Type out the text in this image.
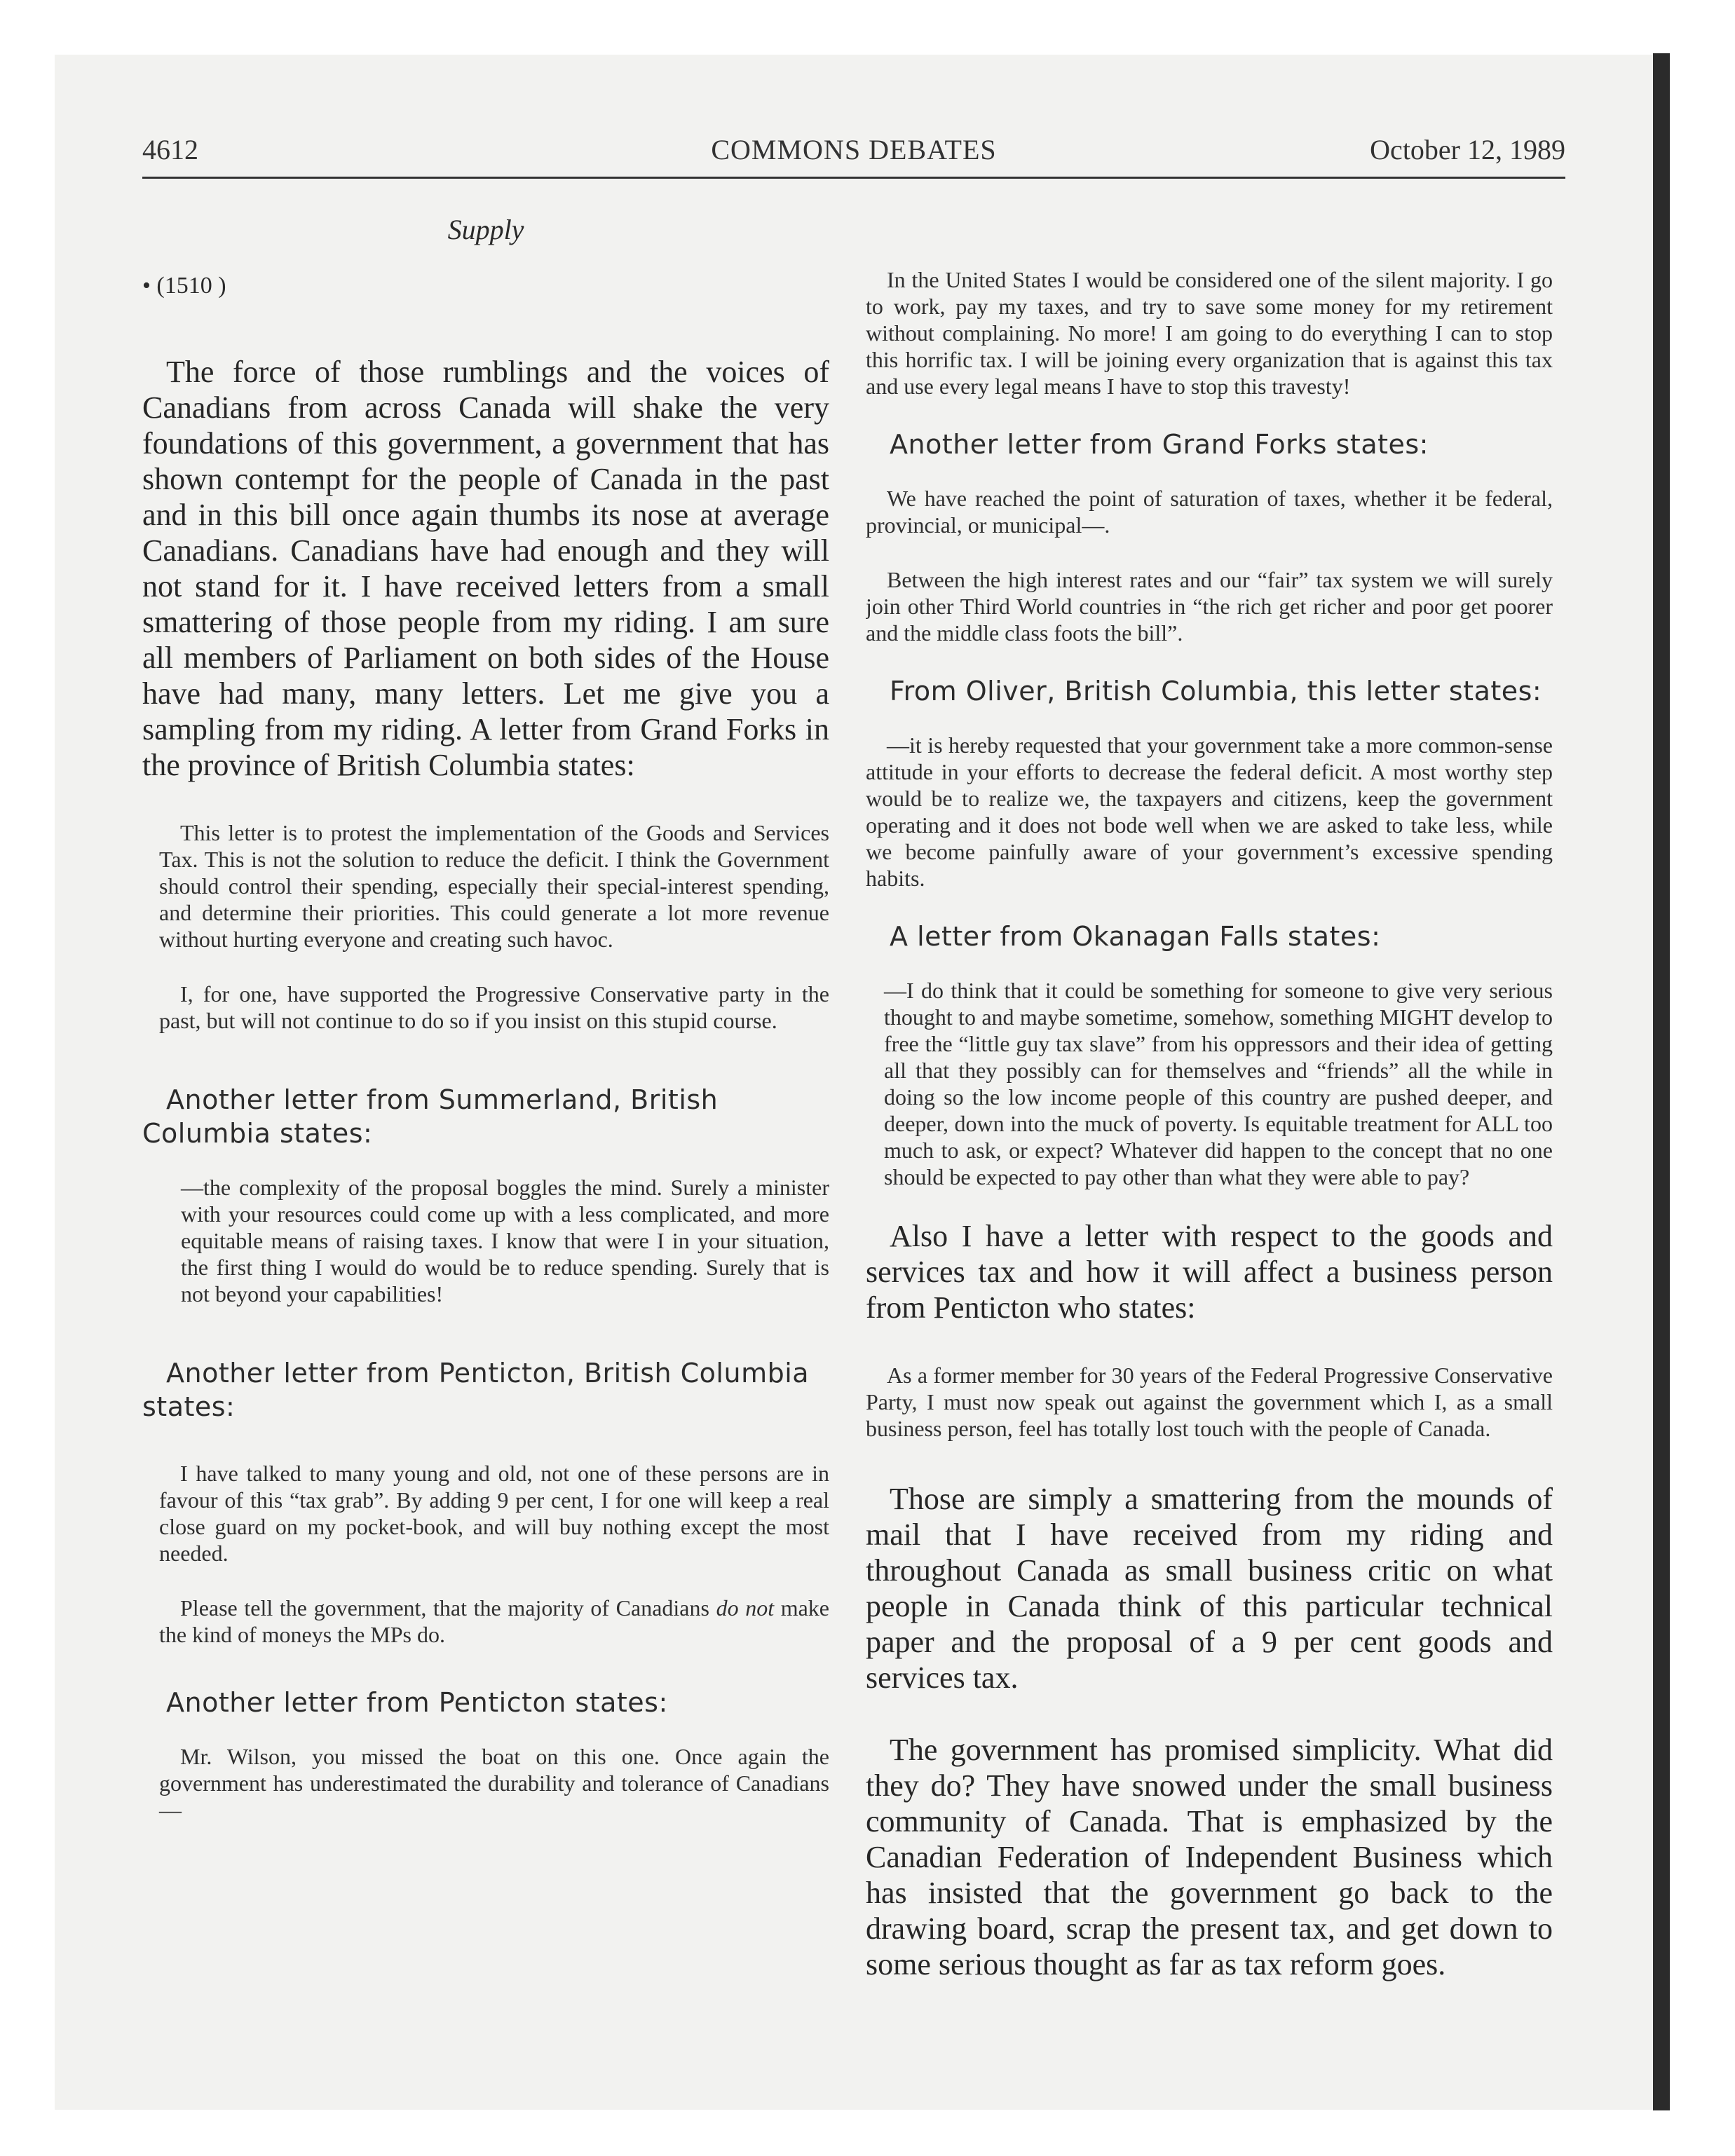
COMMONS DEBATES
4612	October 12, 1989
Supply
• (1510 )

The force of those rumblings and the voices of Canadians from across Canada will shake the very foundations of this government, a government that has shown contempt for the people of Canada in the past and in this bill once again thumbs its nose at average Canadians. Canadians have had enough and they will not stand for it. I have received letters from a small smattering of those people from my riding. I am sure all members of Parliament on both sides of the House have had many, many letters. Let me give you a sampling from my riding. A letter from Grand Forks in the province of British Columbia states:

This letter is to protest the implementation of the Goods and Services Tax. This is not the solution to reduce the deficit. I think the Government should control their spending, especially their special-interest spending, and determine their priorities. This could generate a lot more revenue without hurting everyone and creating such havoc.

I, for one, have supported the Progressive Conservative party in the past, but will not continue to do so if you insist on this stupid course.

Another letter from Summerland, British Columbia states:

—the complexity of the proposal boggles the mind. Surely a minister with your resources could come up with a less complicated, and more equitable means of raising taxes. I know that were I in your situation, the first thing I would do would be to reduce spending. Surely that is not beyond your capabilities!

Another letter from Penticton, British Columbia states:

I have talked to many young and old, not one of these persons are in favour of this “tax grab”. By adding 9 per cent, I for one will keep a real close guard on my pocket-book, and will buy nothing except the most needed.

Please tell the government, that the majority of Canadians do not make the kind of moneys the MPs do.

Another letter from Penticton states:

Mr. Wilson, you missed the boat on this one. Once again the government has underestimated the durability and tolerance of Canadians—

In the United States I would be considered one of the silent majority. I go to work, pay my taxes, and try to save some money for my retirement without complaining. No more! I am going to do everything I can to stop this horrific tax. I will be joining every organization that is against this tax and use every legal means I have to stop this travesty!

Another letter from Grand Forks states:

We have reached the point of saturation of taxes, whether it be federal, provincial, or municipal—.

Between the high interest rates and our “fair” tax system we will surely join other Third World countries in “the rich get richer and poor get poorer and the middle class foots the bill”.

From Oliver, British Columbia, this letter states:

—it is hereby requested that your government take a more common-sense attitude in your efforts to decrease the federal deficit. A most worthy step would be to realize we, the taxpayers and citizens, keep the government operating and it does not bode well when we are asked to take less, while we become painfully aware of your government’s excessive spending habits.

A letter from Okanagan Falls states:

—I do think that it could be something for someone to give very serious thought to and maybe sometime, somehow, something MIGHT develop to free the “little guy tax slave” from his oppressors and their idea of getting all that they possibly can for themselves and “friends” all the while in doing so the low income people of this country are pushed deeper, and deeper, down into the muck of poverty. Is equitable treatment for ALL too much to ask, or expect? Whatever did happen to the concept that no one should be expected to pay other than what they were able to pay?

Also I have a letter with respect to the goods and services tax and how it will affect a business person from Penticton who states:

As a former member for 30 years of the Federal Progressive Conservative Party, I must now speak out against the government which I, as a small business person, feel has totally lost touch with the people of Canada.

Those are simply a smattering from the mounds of mail that I have received from my riding and throughout Canada as small business critic on what people in Canada think of this particular technical paper and the proposal of a 9 per cent goods and services tax.

The government has promised simplicity. What did they do? They have snowed under the small business community of Canada. That is emphasized by the Canadian Federation of Independent Business which has insisted that the government go back to the drawing board, scrap the present tax, and get down to some serious thought as far as tax reform goes.
